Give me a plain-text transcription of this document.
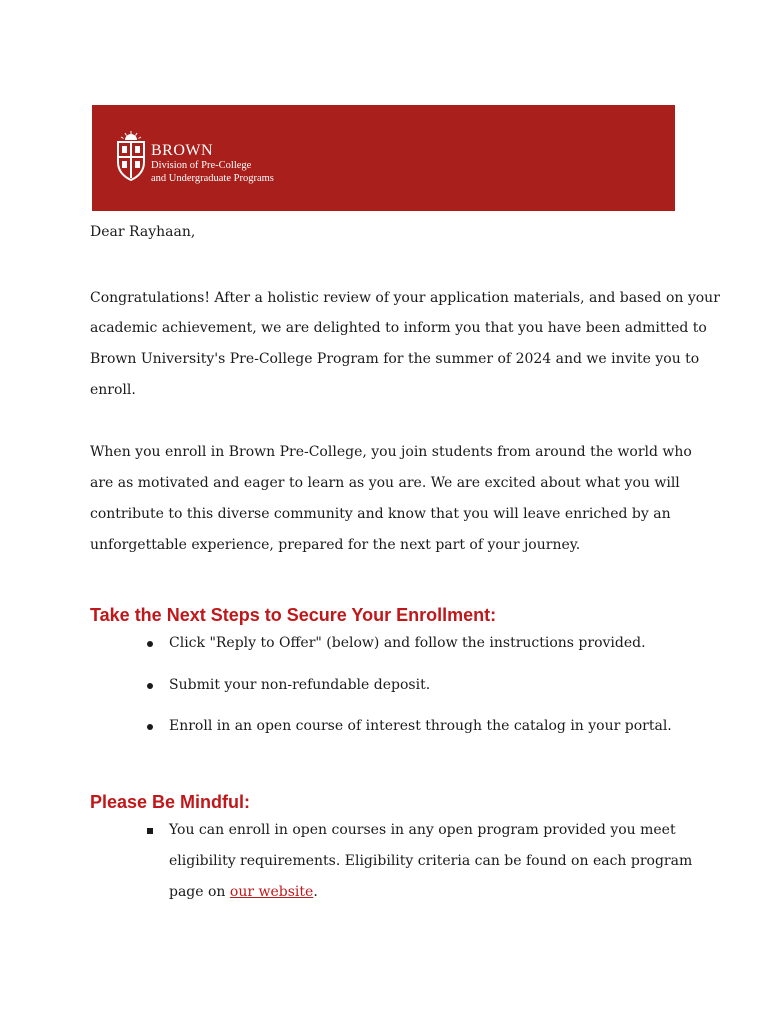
BROWN
Division of Pre-College
and Undergraduate Programs
Dear Rayhaan,
Congratulations! After a holistic review of your application materials, and based on your
academic achievement, we are delighted to inform you that you have been admitted to
Brown University's Pre-College Program for the summer of 2024 and we invite you to
enroll.
When you enroll in Brown Pre-College, you join students from around the world who
are as motivated and eager to learn as you are. We are excited about what you will
contribute to this diverse community and know that you will leave enriched by an
unforgettable experience, prepared for the next part of your journey.
Take the Next Steps to Secure Your Enrollment:
Click "Reply to Offer" (below) and follow the instructions provided.
Submit your non-refundable deposit.
Enroll in an open course of interest through the catalog in your portal.
Please Be Mindful:
You can enroll in open courses in any open program provided you meet
eligibility requirements. Eligibility criteria can be found on each program
page on our website.
